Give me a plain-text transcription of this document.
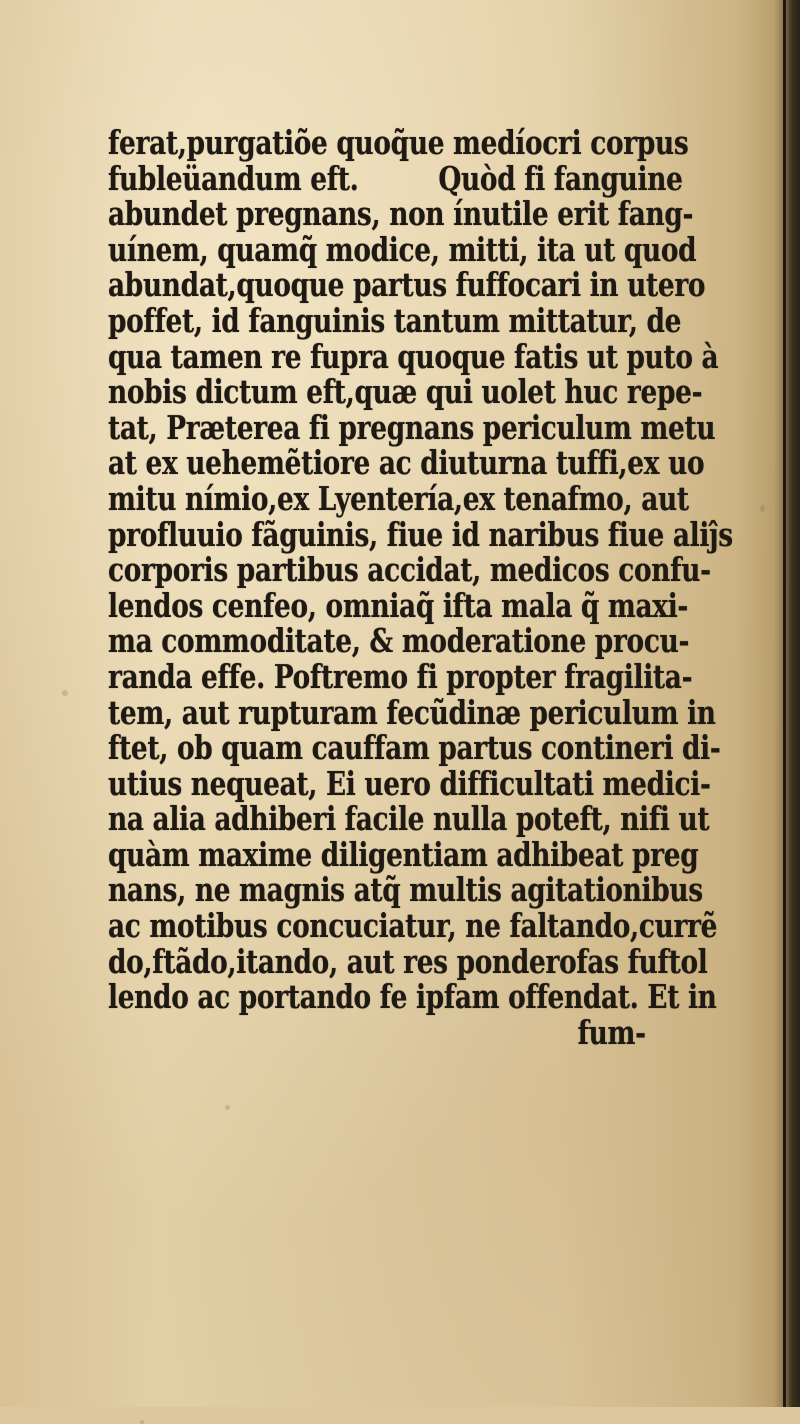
ferat,purgatiõe quoq̃ue medíocri corpus
fubleüandum eft.         Quòd fi fanguine
abundet pregnans, non ínutile erit fang-
uínem, quamq̃ modice, mitti, ita ut quod
abundat,quoque partus fuffocari in utero
poffet, id fanguinis tantum mittatur, de
qua tamen re fupra quoque fatis ut puto à
nobis dictum eft,quæ qui uolet huc repe-
tat, Præterea fi pregnans periculum metu
at ex uehemẽtiore ac diuturna tuffi,ex uo
mitu nímio,ex Lyentería,ex tenafmo, aut
profluuio fãguinis, fiue id naribus fiue aliĵs
corporis partibus accidat, medicos confu-
lendos cenfeo, omniaq̃ ifta mala q̃ maxi-
ma commoditate, & moderatione procu-
randa effe. Poftremo fi propter fragilita-
tem, aut rupturam fecũdinæ periculum in
ftet, ob quam cauffam partus contineri di-
utius nequeat, Ei uero difficultati medici-
na alia adhiberi facile nulla poteft, nifi ut
quàm maxime diligentiam adhibeat preg
nans, ne magnis atq̃ multis agitationibus
ac motibus concuciatur, ne faltando,currẽ
do,ftãdo,itando, aut res ponderofas fuftol
lendo ac portando fe ipfam offendat. Et in
fum-
